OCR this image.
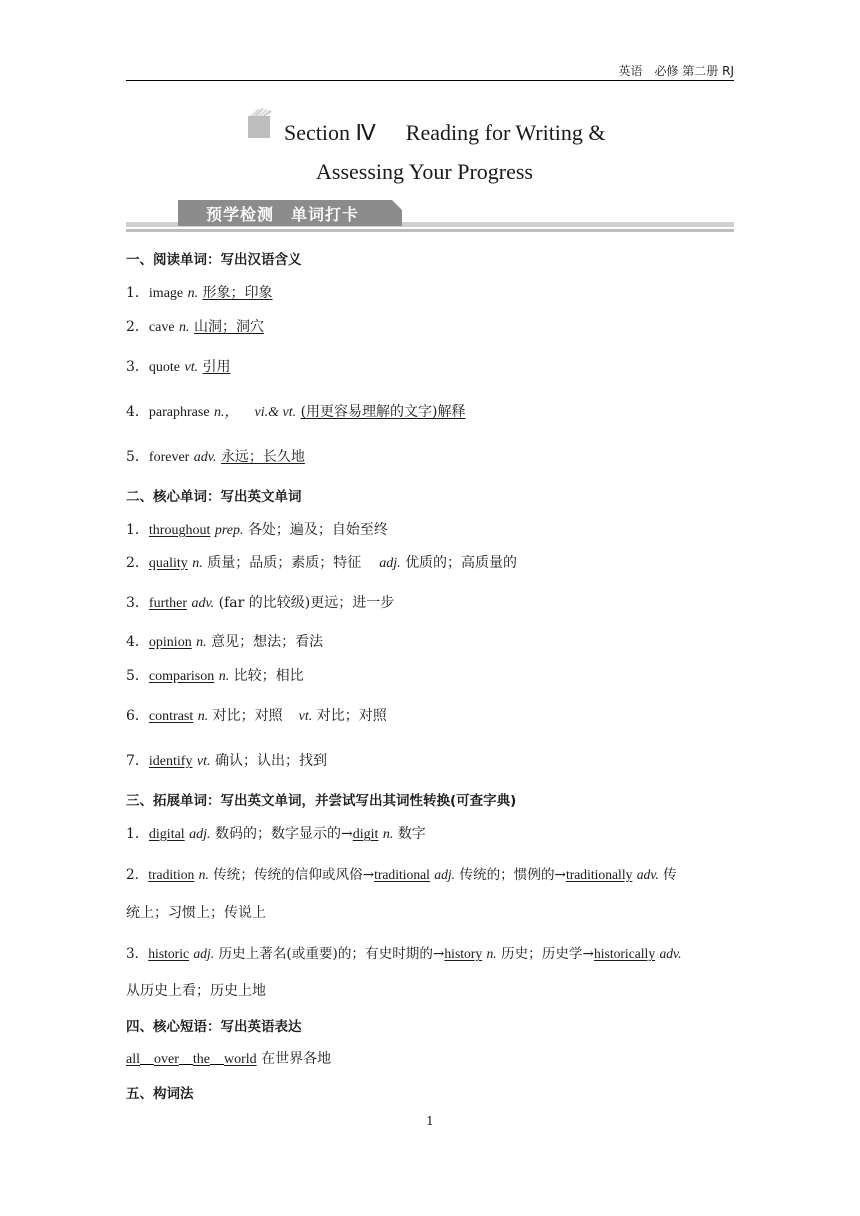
英语　必修 第二册 RJ
Section Ⅳ Reading for Writing &
Assessing Your Progress
预学检测　单词打卡
一、阅读单词：写出汉语含义
1．image n. 形象；印象
2．cave n. 山洞；洞穴
3．quote vt. 引用
4．paraphrase n.， vi.& vt. (用更容易理解的文字)解释
5．forever adv. 永远；长久地
二、核心单词：写出英文单词
1．throughout prep. 各处；遍及；自始至终
2．quality n. 质量；品质；素质；特征 adj. 优质的；高质量的
3．further adv. (far 的比较级)更远；进一步
4．opinion n. 意见；想法；看法
5．comparison n. 比较；相比
6．contrast n. 对比；对照 vt. 对比；对照
7．identify vt. 确认；认出；找到
三、拓展单词：写出英文单词，并尝试写出其词性转换(可查字典)
1．digital adj. 数码的；数字显示的→digit n. 数字
2．tradition n. 传统；传统的信仰或风俗→traditional adj. 传统的；惯例的→traditionally adv. 传
统上；习惯上；传说上
3．historic adj. 历史上著名(或重要)的；有史时期的→history n. 历史；历史学→historically adv.
从历史上看；历史上地
四、核心短语：写出英语表达
all over the world 在世界各地
五、构词法
1
